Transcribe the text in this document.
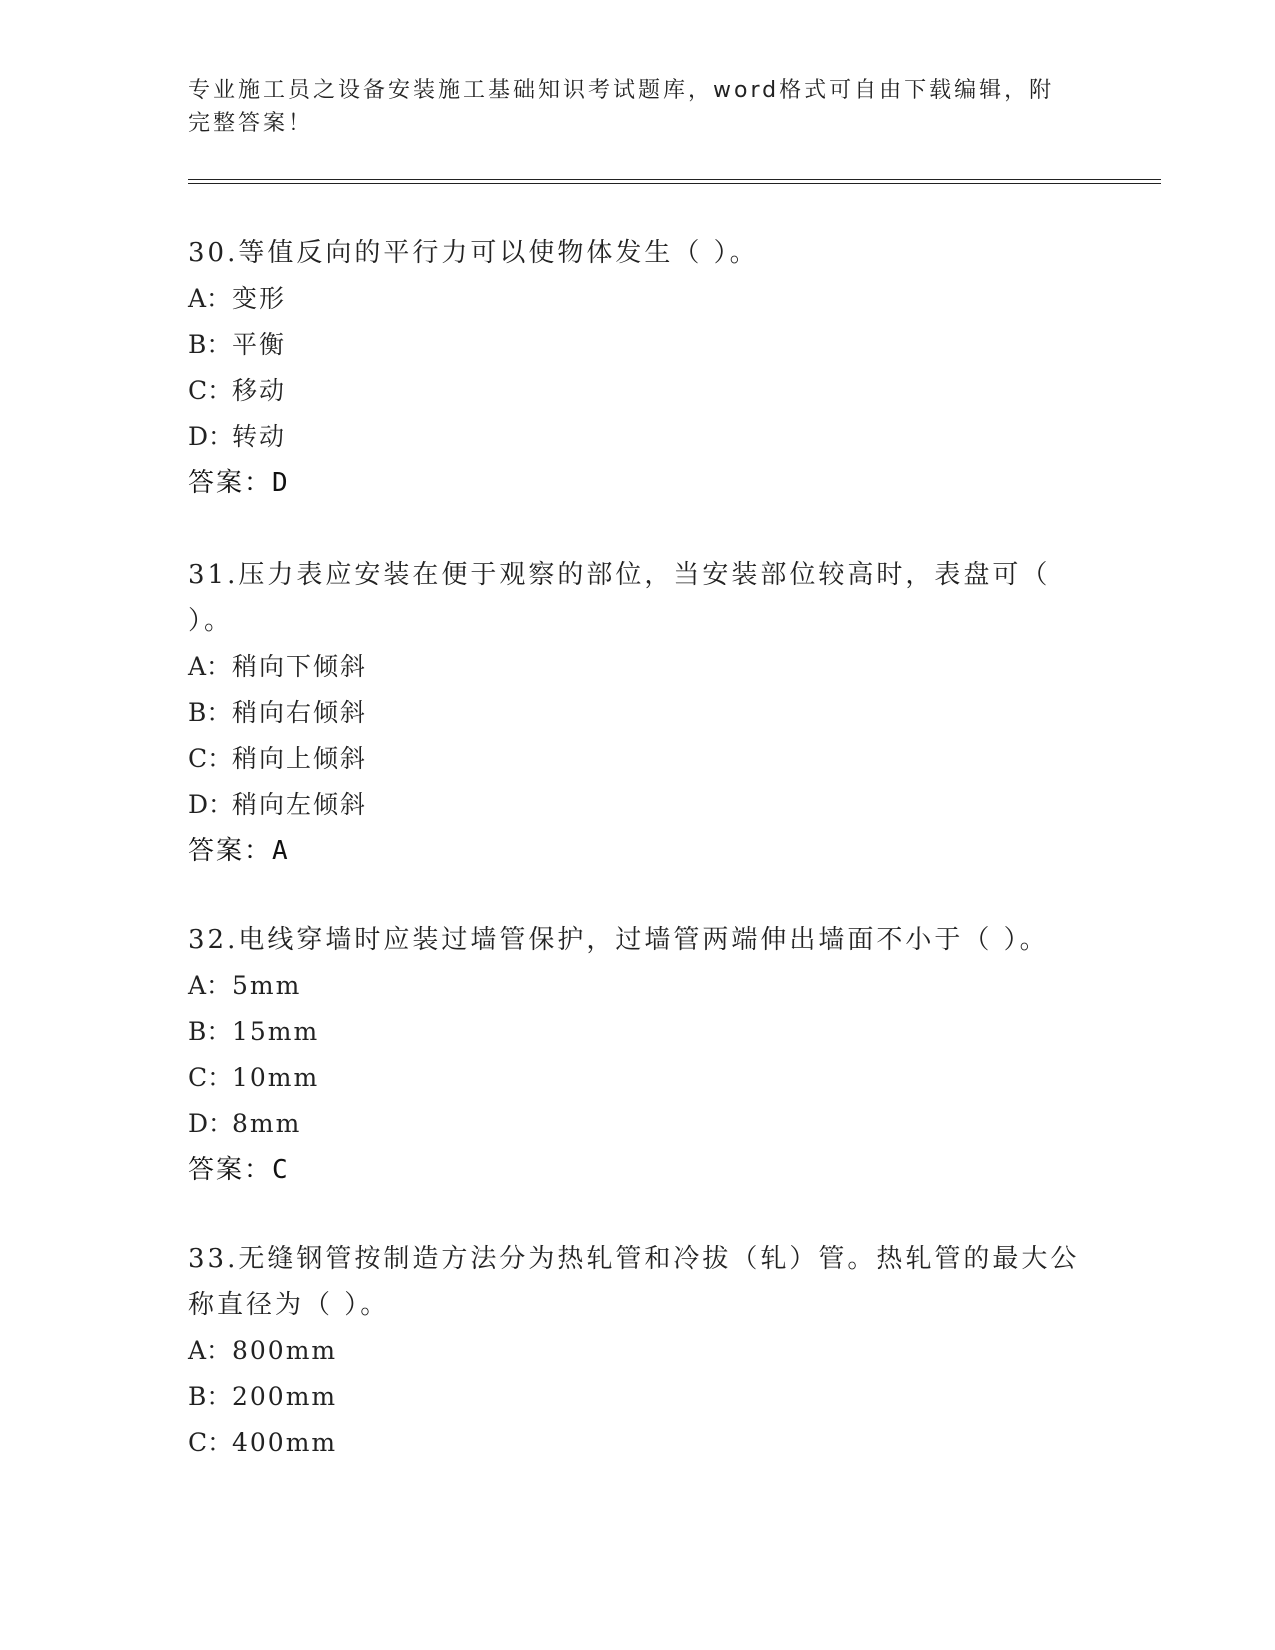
专业施工员之设备安装施工基础知识考试题库，word格式可自由下载编辑，附完整答案！

30.等值反向的平行力可以使物体发生（ ）。

A：变形
B：平衡
C：移动
D：转动
答案：D

31.压力表应安装在便于观察的部位，当安装部位较高时，表盘可（ ）。

A：稍向下倾斜
B：稍向右倾斜
C：稍向上倾斜
D：稍向左倾斜
答案：A

32.电线穿墙时应装过墙管保护，过墙管两端伸出墙面不小于（ ）。

A：5mm
B：15mm
C：10mm
D：8mm
答案：C

33.无缝钢管按制造方法分为热轧管和冷拔（轧）管。热轧管的最大公称直径为（ ）。

A：800mm
B：200mm
C：400mm
